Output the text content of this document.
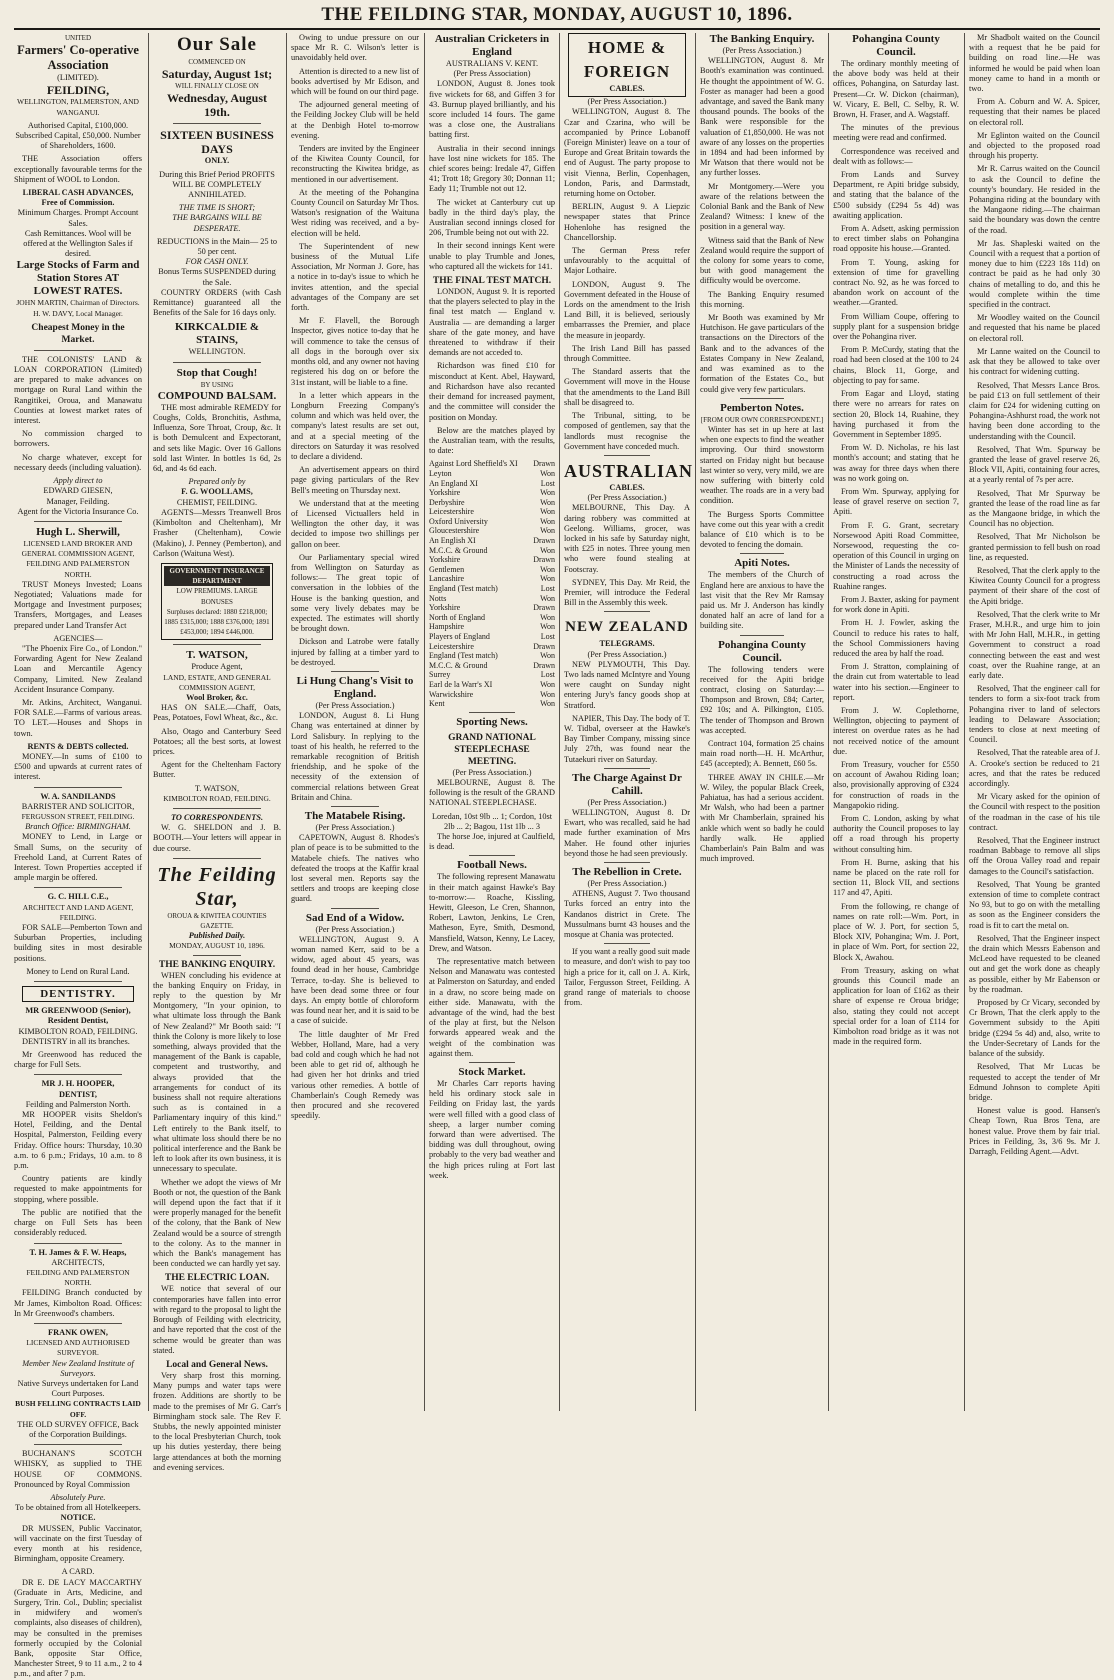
THE FEILDING STAR, MONDAY, AUGUST 10, 1896.
UNITED
Farmers' Co-operative Association
(LIMITED).
FEILDING,
WELLINGTON, PALMERSTON, AND WANGANUI.
Authorised Capital, £100,000. Subscribed Capital, £50,000. Number of Shareholders, 1600.

THE Association offers exceptionally favourable terms for the Shipment of WOOL to London.

LIBERAL CASH ADVANCES, Free of Commission.
Minimum Charges. Prompt Account Sales.
Cash Remittances. Wool will be offered at the Wellington Sales if desired.
Large Stocks of Farm and Station Stores AT LOWEST RATES.
JOHN MARTIN, Chairman of Directors. H. W. DAVY, Local Manager.
Cheapest Money in the Market.

THE COLONISTS' LAND & LOAN CORPORATION (Limited) are prepared to make advances on mortgage on Rural Land within the Rangitikei, Oroua, and Manawatu Counties at lowest market rates of interest.

No commission charged to borrowers.

No charge whatever, except for necessary deeds (including valuation).

Apply direct to
EDWARD GIESEN,
Manager, Feilding.
Agent for the Victoria Insurance Co.
Hugh L. Sherwill,
LICENSED LAND BROKER AND GENERAL COMMISSION AGENT, FEILDING AND PALMERSTON NORTH.

TRUST Moneys Invested; Loans Negotiated; Valuations made for Mortgage and Investment purposes; Transfers, Mortgages, and Leases prepared under Land Transfer Act

AGENCIES—

"The Phoenix Fire Co., of London." Forwarding Agent for New Zealand Loan and Mercantile Agency Company, Limited. New Zealand Accident Insurance Company.

Mr. Atkins, Architect, Wanganui. FOR SALE.—Farms of various areas. TO LET.—Houses and Shops in town.

RENTS & DEBTS collected.

MONEY.—In sums of £100 to £500 and upwards at current rates of interest.

W. A. SANDILANDS
BARRISTER AND SOLICITOR,
FERGUSSON STREET, FEILDING.
Branch Office: BIRMINGHAM.

MONEY to Lend, in Large or Small Sums, on the security of Freehold Land, at Current Rates of Interest. Town Properties accepted if ample margin be offered.

G. C. HILL C.E.,
ARCHITECT AND LAND AGENT, FEILDING.

FOR SALE—Pemberton Town and Suburban Properties, including building sites in most desirable positions.

Money to Lend on Rural Land.
DENTISTRY.
MR GREENWOOD (Senior), Resident Dentist,
KIMBOLTON ROAD, FEILDING.

DENTISTRY in all its branches.

Mr Greenwood has reduced the charge for Full Sets.

MR J. H. HOOPER,
DENTIST,
Feilding and Palmerston North.

MR HOOPER visits Sheldon's Hotel, Feilding, and the Dental Hospital, Palmerston, Feilding every Friday. Office hours: Thursday, 10.30 a.m. to 6 p.m.; Fridays, 10 a.m. to 8 p.m.

Country patients are kindly requested to make appointments for stopping, where possible.

The public are notified that the charge on Full Sets has been considerably reduced.

T. H. James & F. W. Heaps,
ARCHITECTS,
FEILDING AND PALMERSTON NORTH.

FEILDING Branch conducted by Mr James, Kimbolton Road. Offices: In Mr Greenwood's chambers.

FRANK OWEN,
LICENSED AND AUTHORISED SURVEYOR.
Member New Zealand Institute of Surveyors.
Native Surveys undertaken for Land Court Purposes.
BUSH FELLING CONTRACTS LAID OFF.
THE OLD SURVEY OFFICE, Back of the Corporation Buildings.

BUCHANAN'S SCOTCH WHISKY, as supplied to THE HOUSE OF COMMONS. Pronounced by Royal Commission

Absolutely Pure.
To be obtained from all Hotelkeepers.
NOTICE.

DR MUSSEN, Public Vaccinator, will vaccinate on the first Tuesday of every month at his residence, Birmingham, opposite Creamery.

A CARD.

DR E. DE LACY MACCARTHY (Graduate in Arts, Medicine, and Surgery, Trin. Col., Dublin; specialist in midwifery and women's complaints, also diseases of children), may be consulted in the premises formerly occupied by the Colonial Bank, opposite Star Office, Manchester Street, 9 to 11 a.m., 2 to 4 p.m., and after 7 p.m.

Our Sale
COMMENCED ON
Saturday, August 1st;
WILL FINALLY CLOSE ON
Wednesday, August 19th.
SIXTEEN BUSINESS DAYS
ONLY.
During this Brief Period PROFITS WILL BE COMPLETELY ANNIHILATED.
THE TIME IS SHORT;
THE BARGAINS WILL BE DESPERATE.
REDUCTIONS in the Main— 25 to 50 per cent.
FOR CASH ONLY.
Bonus Terms SUSPENDED during the Sale.

COUNTRY ORDERS (with Cash Remittance) guaranteed all the Benefits of the Sale for 16 days only.

KIRKCALDIE & STAINS,
WELLINGTON.
Stop that Cough!
BY USING
COMPOUND BALSAM.

THE most admirable REMEDY for Coughs, Colds, Bronchitis, Asthma, Influenza, Sore Throat, Croup, &c. It is both Demulcent and Expectorant, and sets like Magic. Over 16 Gallons sold last Winter. In bottles 1s 6d, 2s 6d, and 4s 6d each.

Prepared only by
F. G. WOOLLAMS,
CHEMIST, FEILDING.

AGENTS—Messrs Treanwell Bros (Kimbolton and Cheltenham), Mr Frasher (Cheltenham), Cowie (Makino), J. Penney (Pemberton), and Carlson (Waituna West).

GOVERNMENT INSURANCE DEPARTMENT
LOW PREMIUMS. LARGE BONUSES
Surpluses declared: 1880 £218,000; 1885 £315,000; 1888 £376,000; 1891 £453,000; 1894 £446,000.
T. WATSON,
Produce Agent,
LAND, ESTATE, AND GENERAL COMMISSION AGENT,
Wool Broker, &c.

HAS ON SALE.—Chaff, Oats, Peas, Potatoes, Fowl Wheat, &c., &c.

Also, Otago and Canterbury Seed Potatoes; all the best sorts, at lowest prices.

Agent for the Cheltenham Factory Butter.

T. WATSON,
KIMBOLTON ROAD, FEILDING.
TO CORRESPONDENTS.

W. G. SHELDON and J. B. BOOTH.—Your letters will appear in due course.

The Feilding Star,
OROUA & KIWITEA COUNTIES GAZETTE.
Published Daily.
MONDAY, AUGUST 10, 1896.
THE BANKING ENQUIRY.

WHEN concluding his evidence at the banking Enquiry on Friday, in reply to the question by Mr Montgomery, "In your opinion, to what ultimate loss through the Bank of New Zealand?" Mr Booth said: "I think the Colony is more likely to lose something, always provided that the management of the Bank is capable, competent and trustworthy, and always provided that the arrangements for conduct of its business shall not require alterations such as is contained in a Parliamentary inquiry of this kind." Left entirely to the Bank itself, to what ultimate loss should there be no political interference and the Bank be left to look after its own business, it is unnecessary to speculate.

Whether we adopt the views of Mr Booth or not, the question of the Bank will depend upon the fact that if it were properly managed for the benefit of the colony, that the Bank of New Zealand would be a source of strength to the colony. As to the manner in which the Bank's management has been conducted we can hardly yet say.

THE ELECTRIC LOAN.

WE notice that several of our contemporaries have fallen into error with regard to the proposal to light the Borough of Feilding with electricity, and have reported that the cost of the scheme would be greater than was stated.

Local and General News.

Very sharp frost this morning. Many pumps and water taps were frozen. Additions are shortly to be made to the premises of Mr G. Carr's Birmingham stock sale. The Rev F. Stubbs, the newly appointed minister to the local Presbyterian Church, took up his duties yesterday, there being large attendances at both the morning and evening services.

Owing to undue pressure on our space Mr R. C. Wilson's letter is unavoidably held over.

Attention is directed to a new list of books advertised by Mr Edison, and which will be found on our third page.

The adjourned general meeting of the Feilding Jockey Club will be held at the Denbigh Hotel to-morrow evening.

Tenders are invited by the Engineer of the Kiwitea County Council, for reconstructing the Kiwitea bridge, as mentioned in our advertisement.

At the meeting of the Pohangina County Council on Saturday Mr Thos. Watson's resignation of the Waituna West riding was received, and a by-election will be held.

The Superintendent of new business of the Mutual Life Association, Mr Norman J. Gore, has a notice in to-day's issue to which he invites attention, and the special advantages of the Company are set forth.

Mr F. Flavell, the Borough Inspector, gives notice to-day that he will commence to take the census of all dogs in the borough over six months old, and any owner not having registered his dog on or before the 31st instant, will be liable to a fine.

In a letter which appears in the Longburn Freezing Company's column and which was held over, the company's latest results are set out, and at a special meeting of the directors on Saturday it was resolved to declare a dividend.

An advertisement appears on third page giving particulars of the Rev Bell's meeting on Thursday next.

We understand that at the meeting of Licensed Victuallers held in Wellington the other day, it was decided to impose two shillings per gallon on beer.

Our Parliamentary special wired from Wellington on Saturday as follows:— The great topic of conversation in the lobbies of the House is the banking question, and some very lively debates may be expected. The estimates will shortly be brought down.

Dickson and Latrobe were fatally injured by falling at a timber yard to be destroyed.

Li Hung Chang's Visit to England.
(Per Press Association.)

LONDON, August 8. Li Hung Chang was entertained at dinner by Lord Salisbury. In replying to the toast of his health, he referred to the remarkable recognition of British friendship, and he spoke of the necessity of the extension of commercial relations between Great Britain and China.

The Matabele Rising.
(Per Press Association.)

CAPETOWN, August 8. Rhodes's plan of peace is to be submitted to the Matabele chiefs. The natives who defeated the troops at the Kaffir kraal lost several men. Reports say the settlers and troops are keeping close guard.

Sad End of a Widow.
(Per Press Association.)

WELLINGTON, August 9. A woman named Kerr, said to be a widow, aged about 45 years, was found dead in her house, Cambridge Terrace, to-day. She is believed to have been dead some three or four days. An empty bottle of chloroform was found near her, and it is said to be a case of suicide.

The little daughter of Mr Fred Webber, Holland, Mare, had a very bad cold and cough which he had not been able to get rid of, although he had given her hot drinks and tried various other remedies. A bottle of Chamberlain's Cough Remedy was then procured and she recovered speedily.

Australian Cricketers in England
AUSTRALIANS V. KENT.
(Per Press Association)

LONDON, August 8. Jones took five wickets for 68, and Giffen 3 for 43. Burnup played brilliantly, and his score included 14 fours. The game was a close one, the Australians batting first.

Australia in their second innings have lost nine wickets for 185. The chief scores being: Iredale 47, Giffen 41; Trott 18; Gregory 30; Donnan 11; Eady 11; Trumble not out 12.

The wicket at Canterbury cut up badly in the third day's play, the Australian second innings closed for 206, Trumble being not out with 22.

In their second innings Kent were unable to play Trumble and Jones, who captured all the wickets for 141.

THE FINAL TEST MATCH.

LONDON, August 9. It is reported that the players selected to play in the final test match — England v. Australia — are demanding a larger share of the gate money, and have threatened to withdraw if their demands are not acceded to.

Richardson was fined £10 for misconduct at Kent. Abel, Hayward, and Richardson have also recanted their demand for increased payment, and the committee will consider the position on Monday.

Below are the matches played by the Australian team, with the results, to date:

Against Lord Sheffield's XI	Drawn
Leyton	Won
An England XI	Lost
Yorkshire	Won
Derbyshire	Won
Leicestershire	Won
Oxford University	Won
Gloucestershire	Won
An English XI	Drawn
M.C.C. & Ground	Won
Yorkshire	Drawn
Gentlemen	Won
Lancashire	Won
England (Test match)	Lost
Notts	Won
Yorkshire	Drawn
North of England	Won
Hampshire	Won
Players of England	Lost
Leicestershire	Drawn
England (Test match)	Won
M.C.C. & Ground	Drawn
Surrey	Lost
Earl de la Warr's XI	Won
Warwickshire	Won
Kent	Won
Sporting News.
GRAND NATIONAL STEEPLECHASE MEETING.
(Per Press Association.)

MELBOURNE, August 8. The following is the result of the GRAND NATIONAL STEEPLECHASE.

Loredan, 10st 9lb ... 1; Cordon, 10st 2lb ... 2; Bagou, 11st 1lb ... 3

The horse Joe, injured at Caulfield, is dead.

Football News.

The following represent Manawatu in their match against Hawke's Bay to-morrow:— Roache, Kissling, Hewitt, Gleeson, Le Cren, Shannon, Robert, Lawton, Jenkins, Le Cren, Matheson, Eyre, Smith, Desmond, Mansfield, Watson, Kenny, Le Lacey, Drew, and Watson.

The representative match between Nelson and Manawatu was contested at Palmerston on Saturday, and ended in a draw, no score being made on either side. Manawatu, with the advantage of the wind, had the best of the play at first, but the Nelson forwards appeared weak and the weight of the combination was against them.

Stock Market.

Mr Charles Carr reports having held his ordinary stock sale in Feilding on Friday last, the yards were well filled with a good class of sheep, a larger number coming forward than were advertised. The bidding was dull throughout, owing probably to the very bad weather and the high prices ruling at Fort last week.

HOME & FOREIGN
CABLES.
(Per Press Association.)

WELLINGTON, August 8. The Czar and Czarina, who will be accompanied by Prince Lobanoff (Foreign Minister) leave on a tour of Europe and Great Britain towards the end of August. The party propose to visit Vienna, Berlin, Copenhagen, London, Paris, and Darmstadt, returning home on October.

BERLIN, August 9. A Liepzic newspaper states that Prince Hohenlohe has resigned the Chancellorship.

The German Press refer unfavourably to the acquittal of Major Lothaire.

LONDON, August 9. The Government defeated in the House of Lords on the amendment to the Irish Land Bill, it is believed, seriously embarrasses the Premier, and place the measure in jeopardy.

The Irish Land Bill has passed through Committee.

The Standard asserts that the Government will move in the House that the amendments to the Land Bill shall be disagreed to.

The Tribunal, sitting, to be composed of gentlemen, say that the landlords must recognise the Government have conceded much.

AUSTRALIAN
CABLES.
(Per Press Association.)

MELBOURNE, This Day. A daring robbery was committed at Geelong. Williams, grocer, was locked in his safe by Saturday night, with £25 in notes. Three young men who were found stealing at Footscray.

SYDNEY, This Day. Mr Reid, the Premier, will introduce the Federal Bill in the Assembly this week.

NEW ZEALAND
TELEGRAMS.
(Per Press Association.)

NEW PLYMOUTH, This Day. Two lads named McIntyre and Young were caught on Sunday night entering Jury's fancy goods shop at Stratford.

NAPIER, This Day. The body of T. W. Tidbal, overseer at the Hawke's Bay Timber Company, missing since July 27th, was found near the Tutaekuri river on Saturday.

The Charge Against Dr Cahill.
(Per Press Association.)

WELLINGTON, August 8. Dr Ewart, who was recalled, said he had made further examination of Mrs Maher. He found other injuries beyond those he had seen previously.

The Rebellion in Crete.
(Per Press Association.)

ATHENS, August 7. Two thousand Turks forced an entry into the Kandanos district in Crete. The Mussulmans burnt 43 houses and the mosque at Chania was protected.

If you want a really good suit made to measure, and don't wish to pay too high a price for it, call on J. A. Kirk, Tailor, Fergusson Street, Feilding. A grand range of materials to choose from.

The Banking Enquiry.
(Per Press Association.)

WELLINGTON, August 8. Mr Booth's examination was continued. He thought the appointment of W. G. Foster as manager had been a good advantage, and saved the Bank many thousand pounds. The books of the Bank were responsible for the valuation of £1,850,000. He was not aware of any losses on the properties in 1894 and had been informed by Mr Watson that there would not be any further losses.

Mr Montgomery.—Were you aware of the relations between the Colonial Bank and the Bank of New Zealand? Witness: I knew of the position in a general way.

Witness said that the Bank of New Zealand would require the support of the colony for some years to come, but with good management the difficulty would be overcome.

The Banking Enquiry resumed this morning.

Mr Booth was examined by Mr Hutchison. He gave particulars of the transactions on the Directors of the Bank and to the advances of the Estates Company in New Zealand, and was examined as to the formation of the Estates Co., but could give very few particulars.

Pemberton Notes.
[FROM OUR OWN CORRESPONDENT.]

Winter has set in up here at last when one expects to find the weather improving. Our third snowstorm started on Friday night but because last winter so very, very mild, we are now suffering with bitterly cold weather. The roads are in a very bad condition.

The Burgess Sports Committee have come out this year with a credit balance of £10 which is to be devoted to fencing the domain.

Apiti Notes.

The members of the Church of England here are anxious to have the last visit that the Rev Mr Ramsay paid us. Mr J. Anderson has kindly donated half an acre of land for a building site.

Pohangina County Council.

The following tenders were received for the Apiti bridge contract, closing on Saturday:— Thompson and Brown, £84; Carter, £92 10s; and A. Pilkington, £105. The tender of Thompson and Brown was accepted.

Contract 104, formation 25 chains main road north—H. H. McArthur, £45 (accepted); A. Bennett, £60 5s.

THREE AWAY IN CHILE.—Mr W. Wiley, the popular Black Creek, Pahiatua, has had a serious accident. Mr Walsh, who had been a partner with Mr Chamberlain, sprained his ankle which went so badly he could hardly walk. He applied Chamberlain's Pain Balm and was much improved.

Pohangina County Council.

The ordinary monthly meeting of the above body was held at their offices, Pohangina, on Saturday last. Present—Cr. W. Dickon (chairman), W. Vicary, E. Bell, C. Selby, R. W. Brown, H. Fraser, and A. Wagstaff.

The minutes of the previous meeting were read and confirmed.

Correspondence was received and dealt with as follows:—

From Lands and Survey Department, re Apiti bridge subsidy, and stating that the balance of the £500 subsidy (£294 5s 4d) was awaiting application.

From A. Adsett, asking permission to erect timber slabs on Pohangina road opposite his house.—Granted.

From T. Young, asking for extension of time for gravelling contract No. 92, as he was forced to abandon work on account of the weather.—Granted.

From William Coupe, offering to supply plant for a suspension bridge over the Pohangina river.

From P. McCurdy, stating that the road had been closed at the 100 to 24 chains, Block 11, Gorge, and objecting to pay for same.

From Eagar and Lloyd, stating there were no arrears for rates on section 20, Block 14, Ruahine, they having purchased it from the Government in September 1895.

From W. D. Nicholas, re his last month's account; and stating that he was away for three days when there was no work going on.

From Wm. Spurway, applying for lease of gravel reserve on section 7, Apiti.

From F. G. Grant, secretary Norsewood Apiti Road Committee, Norsewood, requesting the co-operation of this Council in urging on the Minister of Lands the necessity of constructing a road across the Ruahine ranges.

From J. Baxter, asking for payment for work done in Apiti.

From H. J. Fowler, asking the Council to reduce his rates to half, the School Commissioners having reduced the area by half the road.

From J. Stratton, complaining of the drain cut from watertable to lead water into his section.—Engineer to report.

From J. W. Coplethorne, Wellington, objecting to payment of interest on overdue rates as he had not received notice of the amount due.

From Treasury, voucher for £550 on account of Awahou Riding loan; also, provisionally approving of £324 for construction of roads in the Mangapokio riding.

From C. London, asking by what authority the Council proposes to lay off a road through his property without consulting him.

From H. Burne, asking that his name be placed on the rate roll for section 11, Block VII, and sections 117 and 47, Apiti.

From the following, re change of names on rate roll:—Wm. Port, in place of W. J. Port, for section 5, Block XIV, Pohangina; Wm. J. Port, in place of Wm. Port, for section 22, Block X, Awahou.

From Treasury, asking on what grounds this Council made an application for loan of £162 as their share of expense re Oroua bridge; also, stating they could not accept special order for a loan of £114 for Kimbolton road bridge as it was not made in the required form.

Mr Shadbolt waited on the Council with a request that he be paid for building on road line.—He was informed he would be paid when loan money came to hand in a month or two.

From A. Coburn and W. A. Spicer, requesting that their names be placed on electoral roll.

Mr Eglinton waited on the Council and objected to the proposed road through his property.

Mr R. Carrus waited on the Council to ask the Council to define the county's boundary. He resided in the Pohangina riding at the boundary with the Mangaone riding.—The chairman said the boundary was down the centre of the road.

Mr Jas. Shapleski waited on the Council with a request that a portion of money due to him (£223 18s 11d) on contract be paid as he had only 30 chains of metalling to do, and this he would complete within the time specified in the contract.

Mr Woodley waited on the Council and requested that his name be placed on electoral roll.

Mr Lanne waited on the Council to ask that they be allowed to take over his contract for widening cutting.

Resolved, That Messrs Lance Bros. be paid £13 on full settlement of their claim for £24 for widening cutting on Pohangina-Ashhurst road, the work not having been done according to the understanding with the Council.

Resolved, That Wm. Spurway be granted the lease of gravel reserve 26, Block VII, Apiti, containing four acres, at a yearly rental of 7s per acre.

Resolved, That Mr Spurway be granted the lease of the road line as far as the Mangaone bridge, in which the Council has no objection.

Resolved, That Mr Nicholson be granted permission to fell bush on road line, as requested.

Resolved, That the clerk apply to the Kiwitea County Council for a progress payment of their share of the cost of the Apiti bridge.

Resolved, That the clerk write to Mr Fraser, M.H.R., and urge him to join with Mr John Hall, M.H.R., in getting Government to construct a road connecting between the east and west coast, over the Ruahine range, at an early date.

Resolved, That the engineer call for tenders to form a six-foot track from Pohangina river to land of selectors leading to Delaware Association; tenders to close at next meeting of Council.

Resolved, That the rateable area of J. A. Crooke's section be reduced to 21 acres, and that the rates be reduced accordingly.

Mr Vicary asked for the opinion of the Council with respect to the position of the roadman in the case of his tile contract.

Resolved, That the Engineer instruct roadman Babbage to remove all slips off the Oroua Valley road and repair damages to the Council's satisfaction.

Resolved, That Young be granted extension of time to complete contract No 93, but to go on with the metalling as soon as the Engineer considers the road is fit to cart the metal on.

Resolved, That the Engineer inspect the drain which Messrs Eabenson and McLeod have requested to be cleaned out and get the work done as cheaply as possible, either by Mr Eabenson or by the roadman.

Proposed by Cr Vicary, seconded by Cr Brown, That the clerk apply to the Government subsidy to the Apiti bridge (£294 5s 4d) and, also, write to the Under-Secretary of Lands for the balance of the subsidy.

Resolved, That Mr Lucas be requested to accept the tender of Mr Edmund Johnson to complete Apiti bridge.

Honest value is good. Hansen's Cheap Town, Rua Bros Tena, are honest value. Prove them by fair trial. Prices in Feilding, 3s, 3/6 9s. Mr J. Darragh, Feilding Agent.—Advt.
